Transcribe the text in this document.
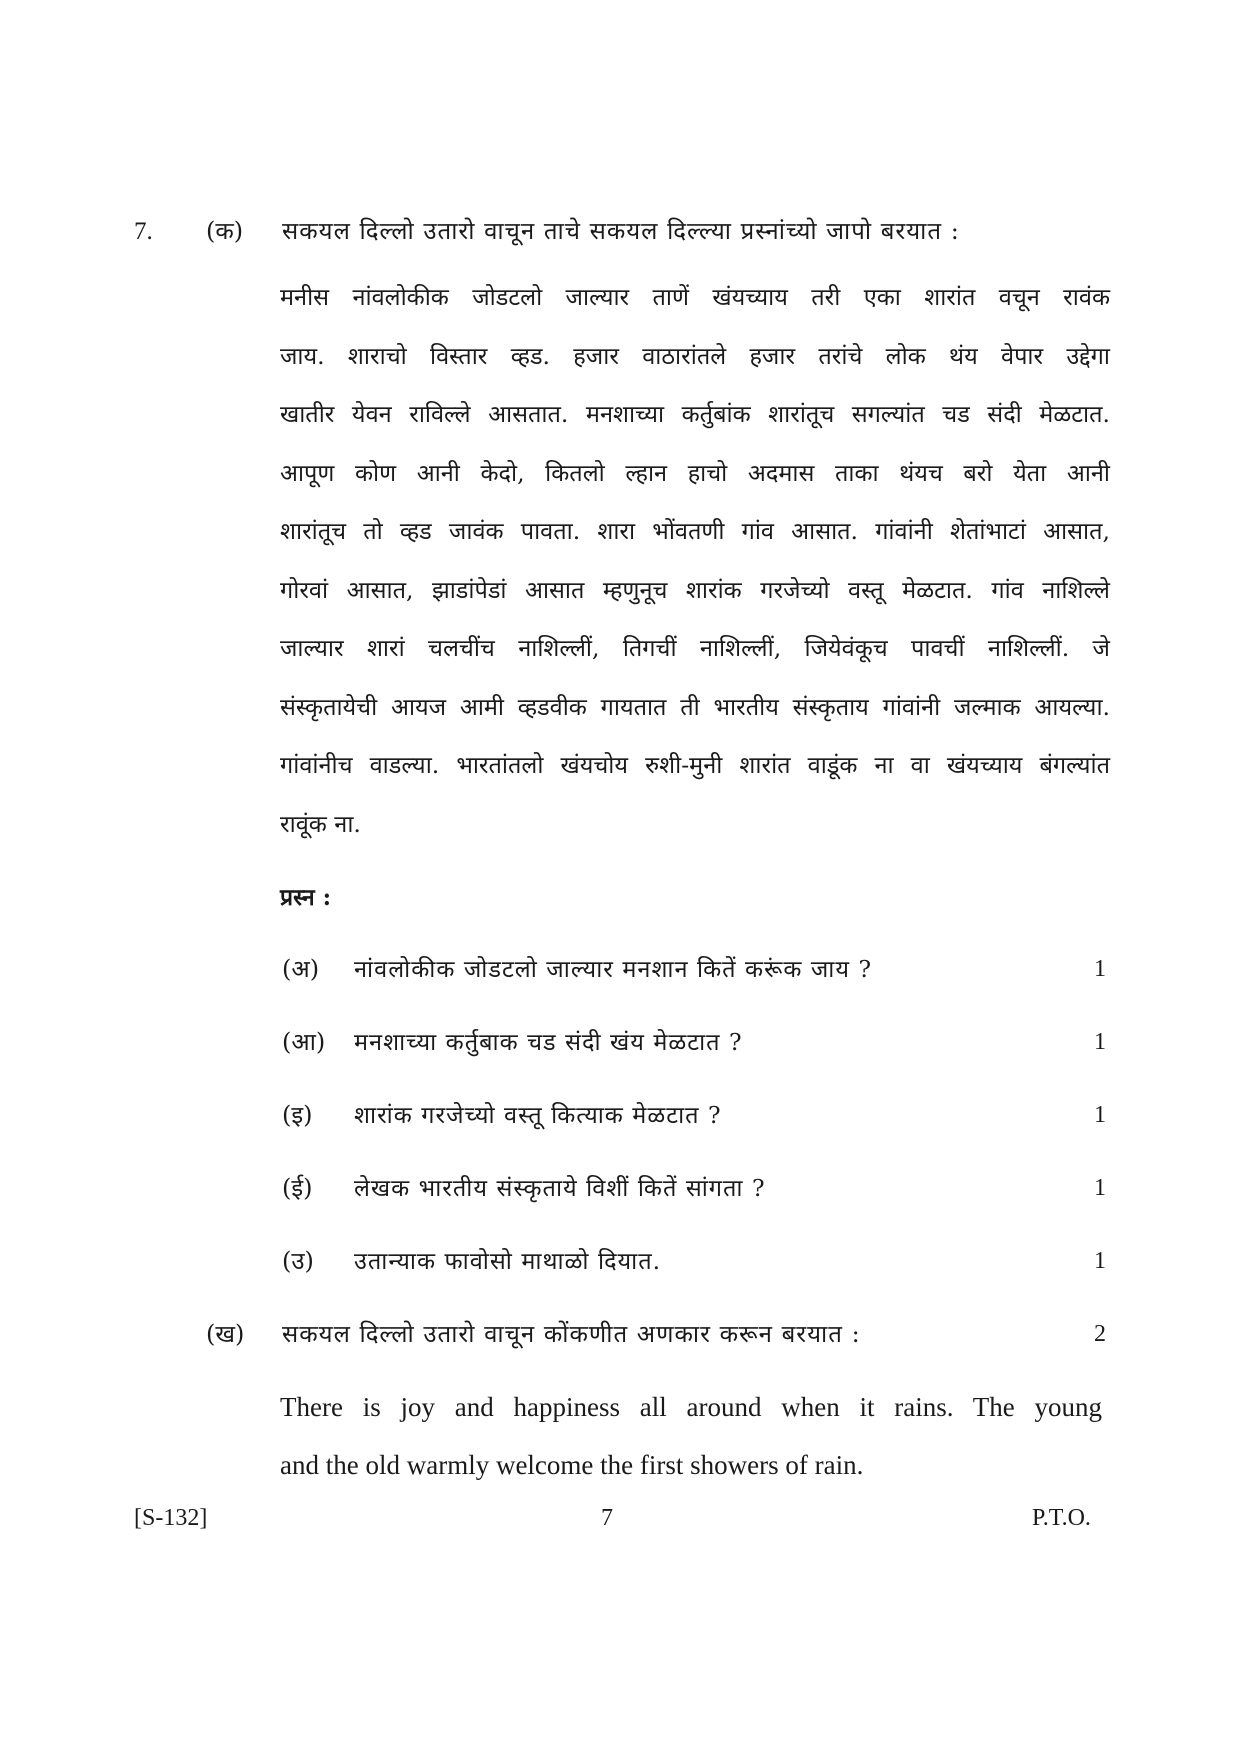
7. (क) सकयल दिल्लो उतारो वाचून ताचे सकयल दिल्ल्या प्रस्नांच्यो जापो बरयात :
मनीस नांवलोकीक जोडटलो जाल्यार ताणें खंयच्याय तरी एका शारांत वचून रावंक
जाय. शाराचो विस्तार व्हड. हजार वाठारांतले हजार तरांचे लोक थंय वेपार उद्देगा
खातीर येवन राविल्ले आसतात. मनशाच्या कर्तुबांक शारांतूच सगल्यांत चड संदी मेळटात.
आपूण कोण आनी केदो, कितलो ल्हान हाचो अदमास ताका थंयच बरो येता आनी
शारांतूच तो व्हड जावंक पावता. शारा भोंवतणी गांव आसात. गांवांनी शेतांभाटां आसात,
गोरवां आसात, झाडांपेडां आसात म्हणुनूच शारांक गरजेच्यो वस्तू मेळटात. गांव नाशिल्ले
जाल्यार शारां चलचींच नाशिल्लीं, तिगचीं नाशिल्लीं, जियेवंकूच पावचीं नाशिल्लीं. जे
संस्कृतायेची आयज आमी व्हडवीक गायतात ती भारतीय संस्कृताय गांवांनी जल्माक आयल्या.
गांवांनीच वाडल्या. भारतांतलो खंयचोय रुशी-मुनी शारांत वाडूंक ना वा खंयच्याय बंगल्यांत
रावूंक ना.
प्रस्न :
(अ) नांवलोकीक जोडटलो जाल्यार मनशान कितें करूंक जाय ?	1
(आ) मनशाच्या कर्तुबाक चड संदी खंय मेळटात ?	1
(इ) शारांक गरजेच्यो वस्तू कित्याक मेळटात ?	1
(ई) लेखक भारतीय संस्कृताये विशीं कितें सांगता ?	1
(उ) उतान्याक फावोसो माथाळो दियात.	1
(ख) सकयल दिल्लो उतारो वाचून कोंकणीत अणकार करून बरयात :	2
There is joy and happiness all around when it rains. The young
and the old warmly welcome the first showers of rain.
[S-132]	7	P.T.O.
